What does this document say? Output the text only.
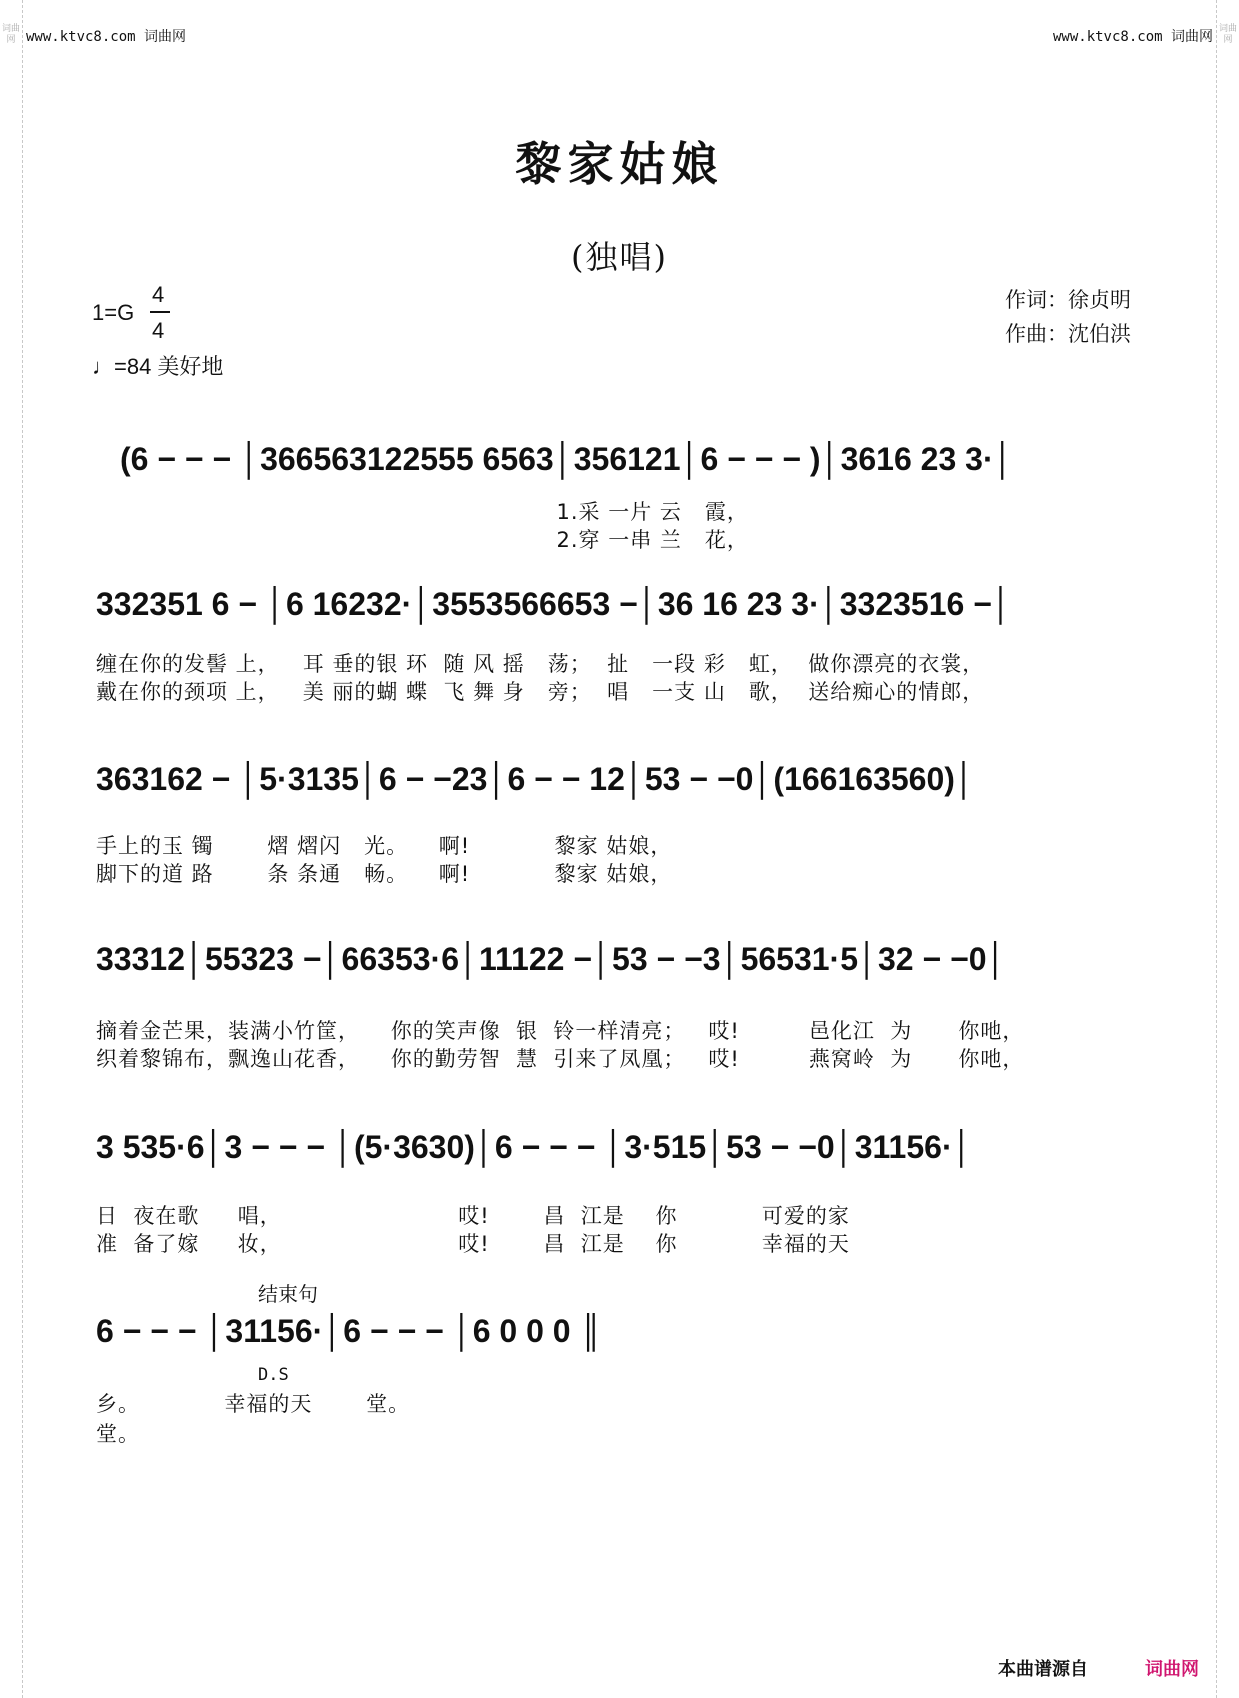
词曲网
词曲网
www.ktvc8.com 词曲网	www.ktvc8.com 词曲网
黎家姑娘
(独唱)
1=G
4
4
♩=84 美好地
作词：徐贞明
作曲：沈伯洪
(6 − − − │366563122555 6563│356121│6 − − − )│3616 23 3·│
1.采 一片 云   霞，
2.穿 一串 兰   花，
332351 6 − │6 16232·│3553566653 −│36 16 23 3·│3323516 −│
缠在你的发髻 上，   耳 垂的银 环  随 风 摇   荡；  扯   一段 彩   虹，  做你漂亮的衣裳，
戴在你的颈项 上，   美 丽的蝴 蝶  飞 舞 身   旁；  唱   一支 山   歌，  送给痴心的情郎，
363162 − │5·3135│6 − −23│6 − − 12│53 − −0│(166163560)│
手上的玉 镯       熠 熠闪   光。    啊!           黎家 姑娘，
脚下的道 路       条 条通   畅。    啊!           黎家 姑娘，
33312│55323 −│66353·6│11122 −│53 − −3│56531·5│32 − −0│
摘着金芒果，装满小竹筐，    你的笑声像  银  铃一样清亮；   哎!         邑化江  为      你吔，
织着黎锦布，飘逸山花香，    你的勤劳智  慧  引来了凤凰；   哎!         燕窝岭  为      你吔，
3 535·6│3 − − − │(5·3630)│6 − − − │3·515│53 − −0│31156·│
日  夜在歌     唱，                       哎!       昌  江是    你           可爱的家
准  备了嫁     妆，                       哎!       昌  江是    你           幸福的天
结束句
6 − − − │31156·│6 − − − │6 0 0 0 ║
D.S
乡。           幸福的天       堂。
堂。
本曲谱源自	词曲网
